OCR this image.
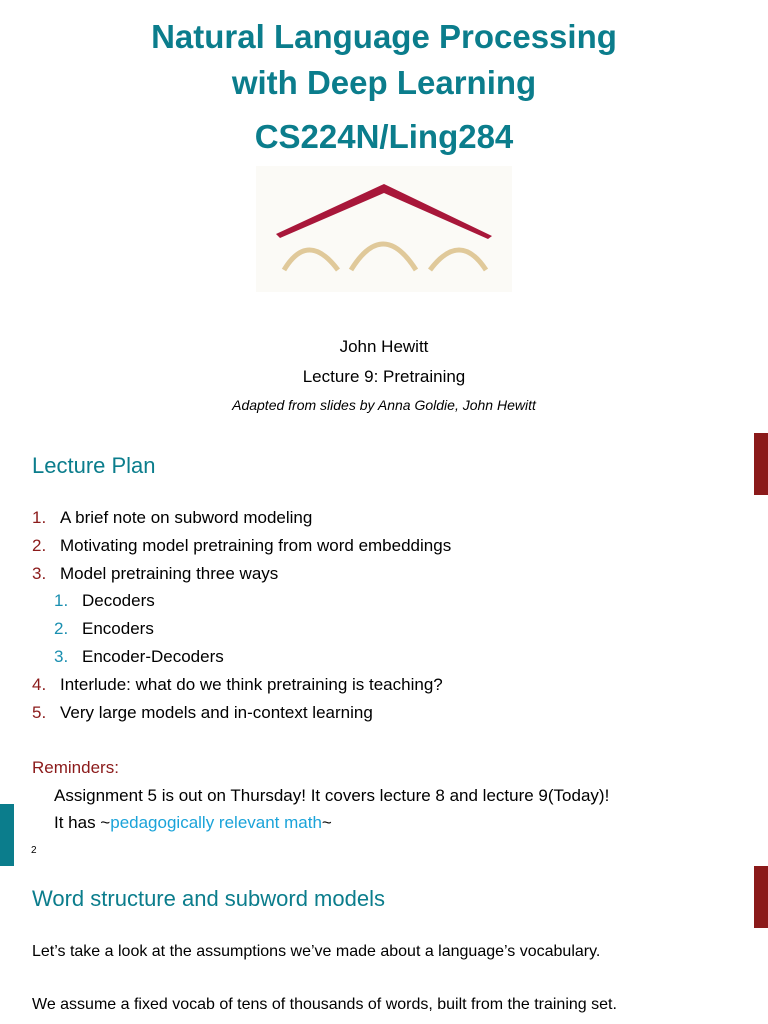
Natural Language Processing
with Deep Learning
CS224N/Ling284
John Hewitt
Lecture 9: Pretraining
Adapted from slides by Anna Goldie, John Hewitt
Lecture Plan
1. A brief note on subword modeling
2. Motivating model pretraining from word embeddings
3. Model pretraining three ways
1. Decoders
2. Encoders
3. Encoder-Decoders
4. Interlude: what do we think pretraining is teaching?
5. Very large models and in-context learning
Reminders:
Assignment 5 is out on Thursday! It covers lecture 8 and lecture 9(Today)!
It has ~pedagogically relevant math~
2
Word structure and subword models
Let’s take a look at the assumptions we’ve made about a language’s vocabulary.
We assume a fixed vocab of tens of thousands of words, built from the training set.
